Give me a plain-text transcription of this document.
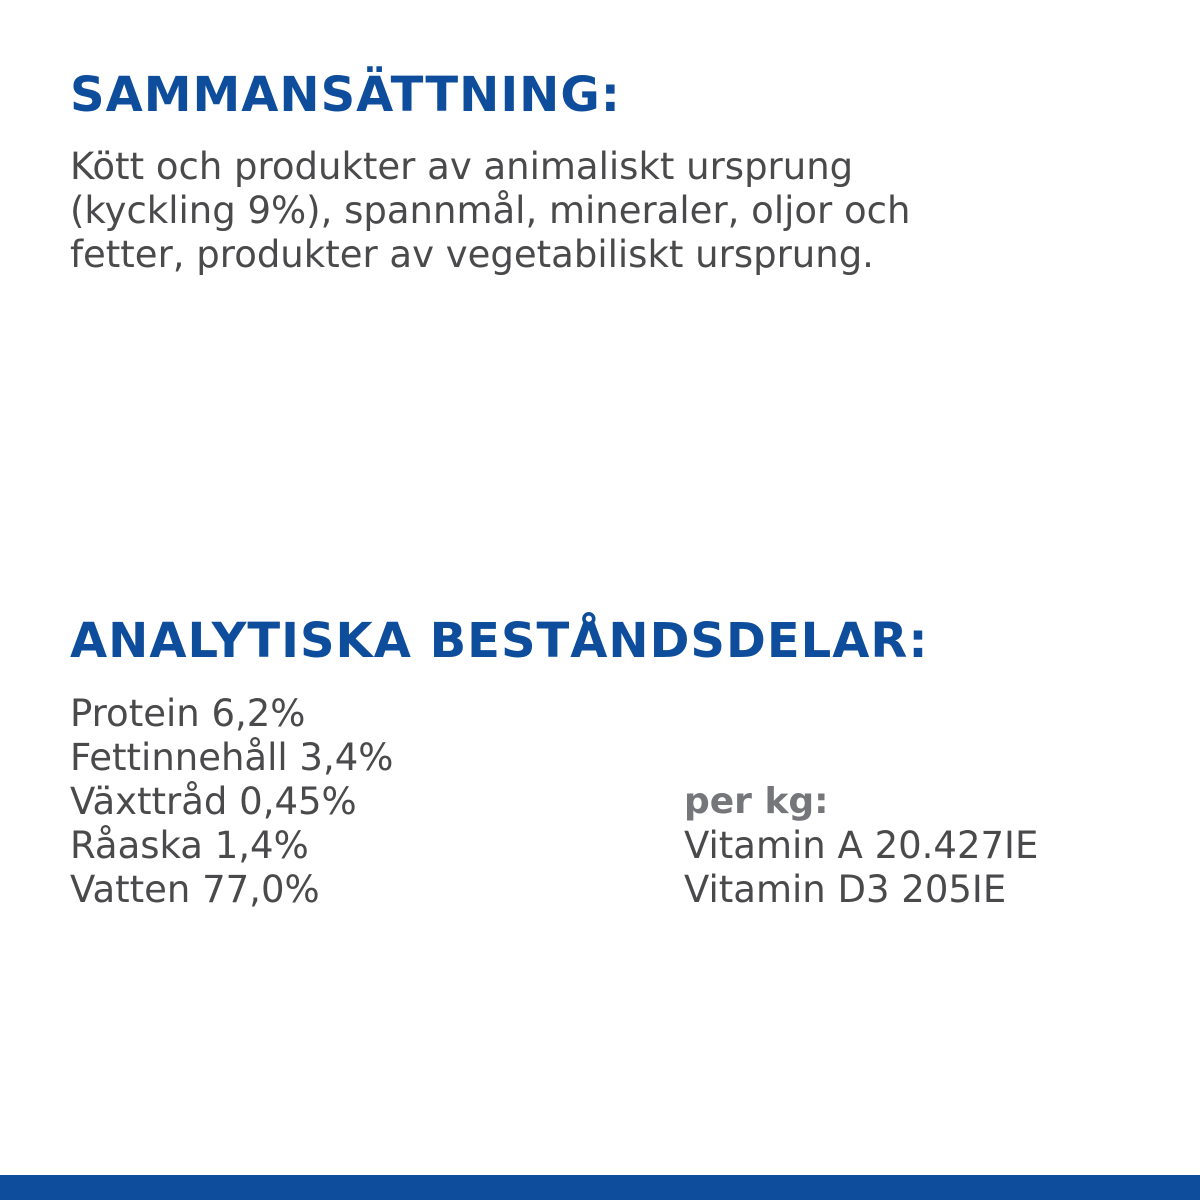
SAMMANSÄTTNING:

Kött och produkter av animaliskt ursprung
(kyckling 9%), spannmål, mineraler, oljor och
fetter, produkter av vegetabiliskt ursprung.

ANALYTISKA BESTÅNDSDELAR:
Protein 6,2%
Fettinnehåll 3,4%
Växttråd 0,45%
Råaska 1,4%
Vatten 77,0%

per kg:

Vitamin A 20.427IE
Vitamin D3 205IE
